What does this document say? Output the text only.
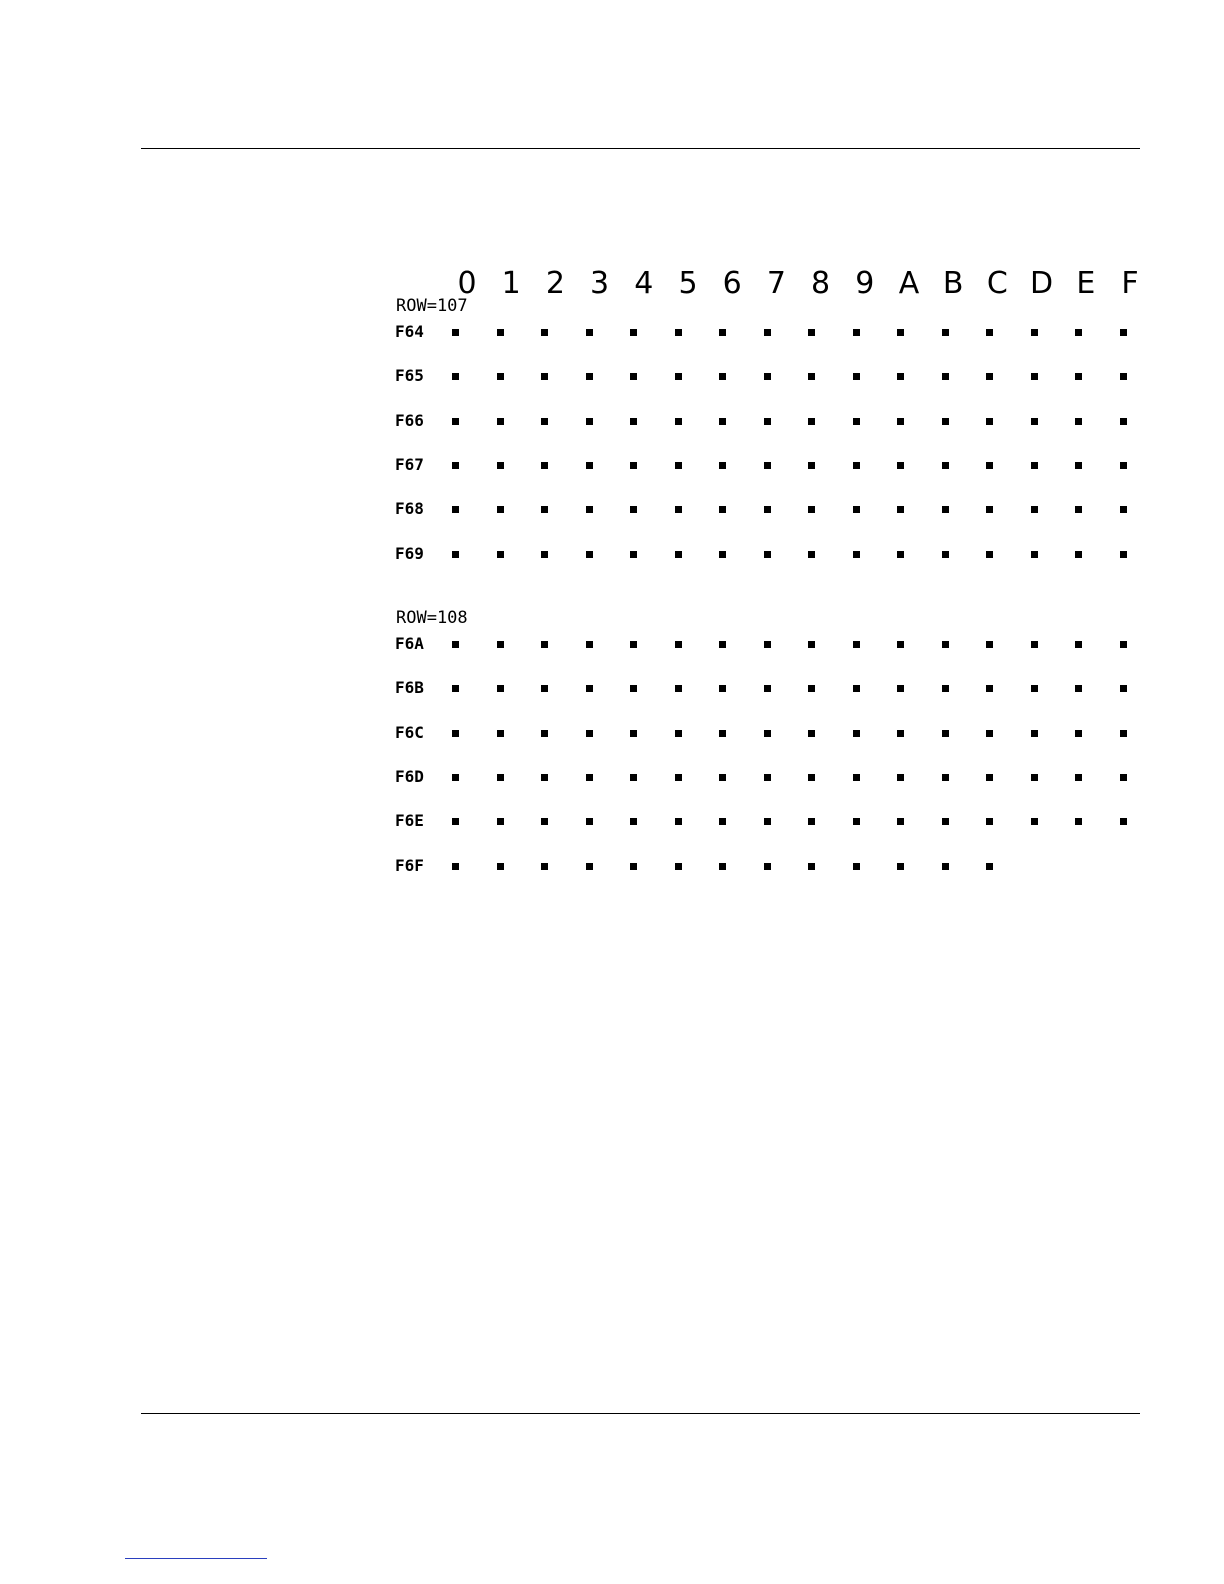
0 1 2 3 4 5 6 7 8 9 A B C D E F
ROW=107
F64
F65
F66
F67
F68
F69
ROW=108
F6A
F6B
F6C
F6D
F6E
F6F
